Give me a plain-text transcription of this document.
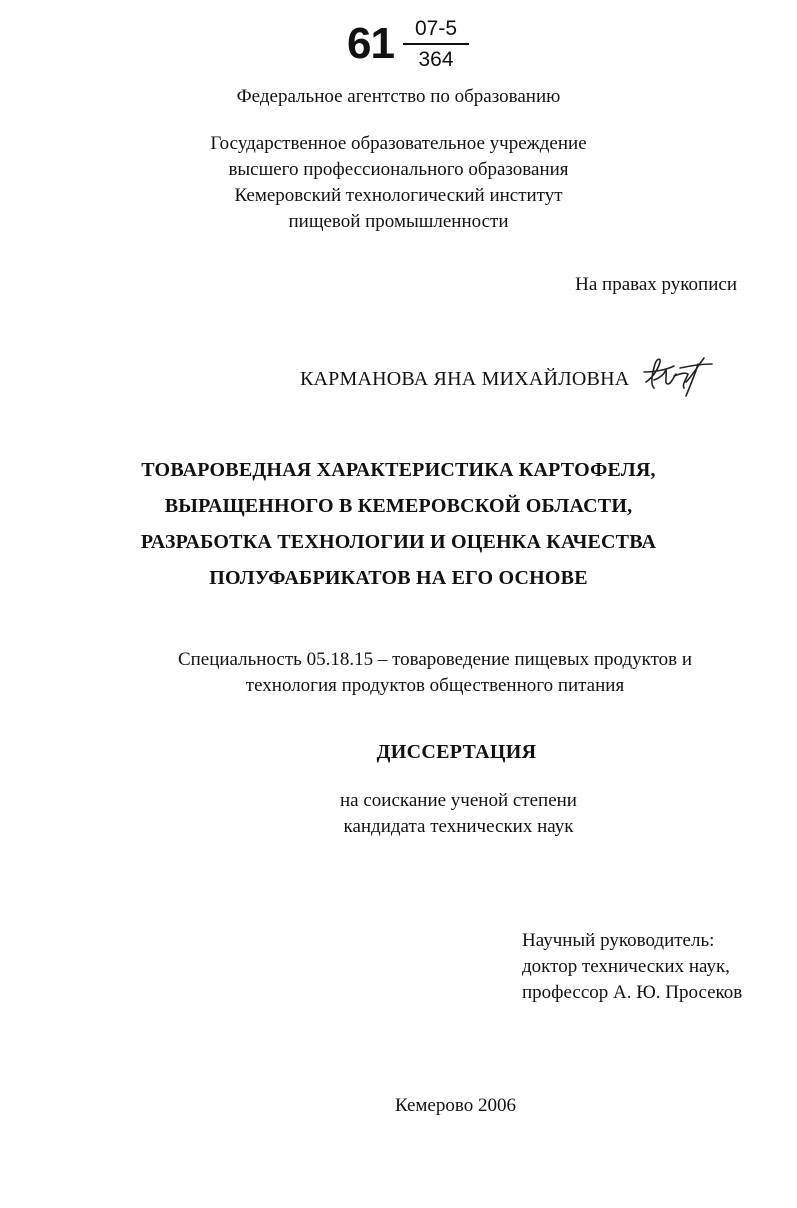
61	07-5
364
Федеральное агентство по образованию
Государственное образовательное учреждение
высшего профессионального образования
Кемеровский технологический институт
пищевой промышленности
На правах рукописи
КАРМАНОВА ЯНА МИХАЙЛОВНА
ТОВАРОВЕДНАЯ ХАРАКТЕРИСТИКА КАРТОФЕЛЯ,
ВЫРАЩЕННОГО В КЕМЕРОВСКОЙ ОБЛАСТИ,
РАЗРАБОТКА ТЕХНОЛОГИИ И ОЦЕНКА КАЧЕСТВА
ПОЛУФАБРИКАТОВ НА ЕГО ОСНОВЕ
Специальность 05.18.15 – товароведение пищевых продуктов и
технология продуктов общественного питания
ДИССЕРТАЦИЯ
на соискание ученой степени
кандидата технических наук
Научный руководитель:
доктор технических наук,
профессор А. Ю. Просеков
Кемерово 2006
